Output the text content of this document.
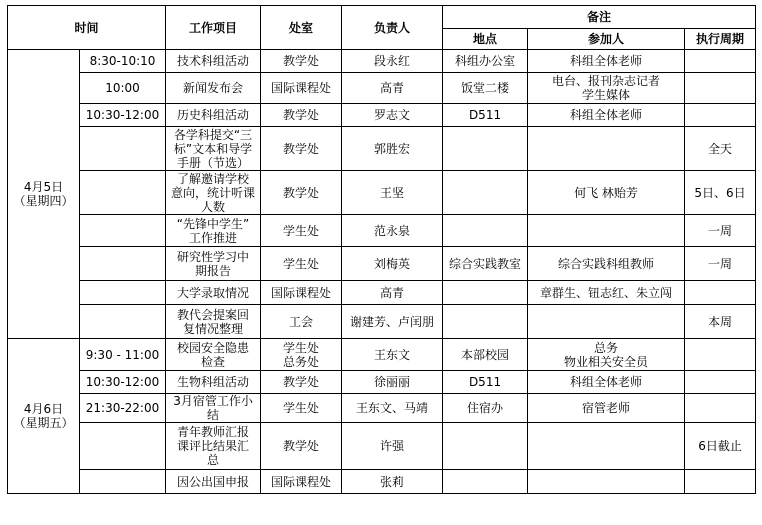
时间		工作项目	处室	负责人	备注		
					地点	参加人	执行周期

4月5日
（星期四）	8:30-10:10	技术科组活动	教学处	段永红	科组办公室	科组全体老师	

	10:00	新闻发布会	国际课程处	高青	饭堂二楼	电台、报刊杂志记者
学生媒体	

	10:30-12:00	历史科组活动	教学处	罗志文	D511	科组全体老师	

		各学科提交“三
标”文本和导学
手册（节选）	教学处	郭胜宏			全天

		了解邀请学校
意向，统计听课
人数	教学处	王坚		何飞 林贻芳	5日、6日

		“先锋中学生”
工作推进	学生处	范永泉			一周

		研究性学习中
期报告	学生处	刘梅英	综合实践教室	综合实践科组教师	一周

		大学录取情况	国际课程处	高青		章群生、钮志红、朱立闯	

		教代会提案回
复情况整理	工会	谢建芳、卢闰朋			本周

4月6日
（星期五）	9:30 - 11:00	校园安全隐患
检查	学生处
总务处	王东文	本部校园	总务
物业相关安全员	

	10:30-12:00	生物科组活动	教学处	徐丽丽	D511	科组全体老师	

	21:30-22:00	3月宿管工作小
结	学生处	王东文、马靖	住宿办	宿管老师	

		青年教师汇报
课评比结果汇
总	教学处	许强			6日截止

		因公出国申报	国际课程处	张莉		
